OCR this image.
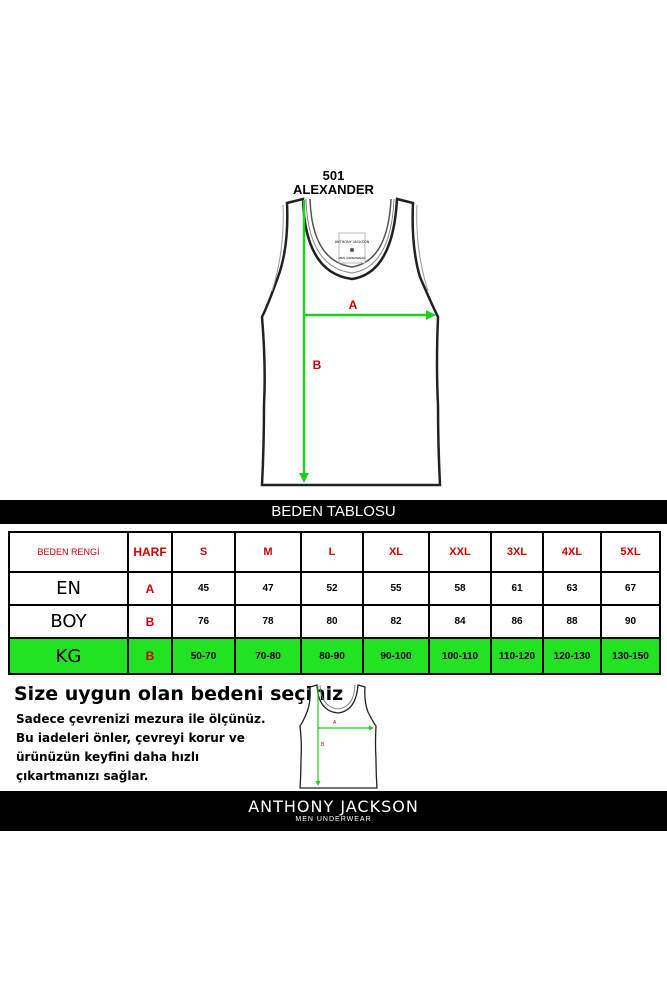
501
ALEXANDER
ANTHONY JACKSON
MEN UNDERWEAR
A
B
BEDEN TABLOSU
BEDEN RENGİ	HARF	S	M	L	XL	XXL	3XL	4XL	5XL
EN	A	45	47	52	55	58	61	63	67
BOY	B	76	78	80	82	84	86	88	90
KG	B	50-70	70-80	80-90	90-100	100-110	110-120	120-130	130-150
Size uygun olan bedeni seçiniz
Sadece çevrenizi mezura ile ölçünüz.
Bu iadeleri önler, çevreyi korur ve
ürünüzün keyfini daha hızlı
çıkartmanızı sağlar.
A
B
ANTHONY JACKSON
MEN UNDERWEAR
